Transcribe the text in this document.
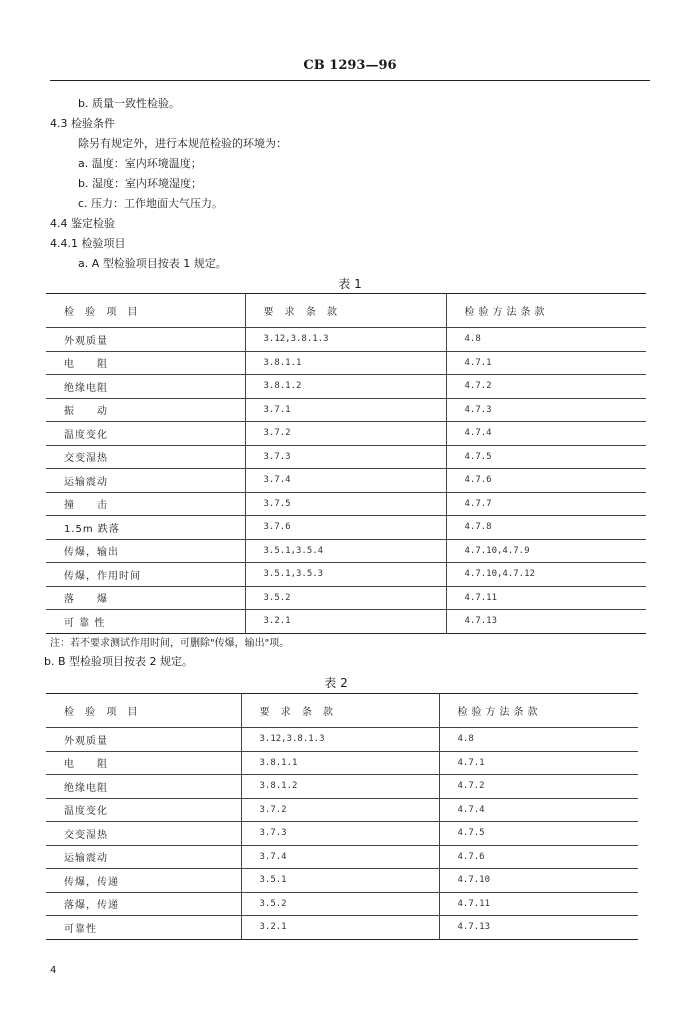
CB 1293—96
b. 质量一致性检验。
4.3 检验条件
除另有规定外，进行本规范检验的环境为：
a. 温度：室内环境温度；
b. 湿度：室内环境湿度；
c. 压力：工作地面大气压力。
4.4 鉴定检验
4.4.1 检验项目
a. A 型检验项目按表 1 规定。
表 1
检 验 项 目	要 求 条 款	检验方法条款
外观质量	3.12,3.8.1.3	4.8
电　　阻	3.8.1.1	4.7.1
绝缘电阻	3.8.1.2	4.7.2
振　　动	3.7.1	4.7.3
温度变化	3.7.2	4.7.4
交变湿热	3.7.3	4.7.5
运输震动	3.7.4	4.7.6
撞　　击	3.7.5	4.7.7
1.5m 跌落	3.7.6	4.7.8
传爆，输出	3.5.1,3.5.4	4.7.10,4.7.9
传爆，作用时间	3.5.1,3.5.3	4.7.10,4.7.12
落　　爆	3.5.2	4.7.11
可 靠 性	3.2.1	4.7.13
注：若不要求测试作用时间，可删除"传爆，输出"项。
b. B 型检验项目按表 2 规定。
表 2
检 验 项 目	要 求 条 款	检验方法条款
外观质量	3.12,3.8.1.3	4.8
电　　阻	3.8.1.1	4.7.1
绝缘电阻	3.8.1.2	4.7.2
温度变化	3.7.2	4.7.4
交变湿热	3.7.3	4.7.5
运输震动	3.7.4	4.7.6
传爆，传递	3.5.1	4.7.10
落爆，传递	3.5.2	4.7.11
可靠性	3.2.1	4.7.13
4
